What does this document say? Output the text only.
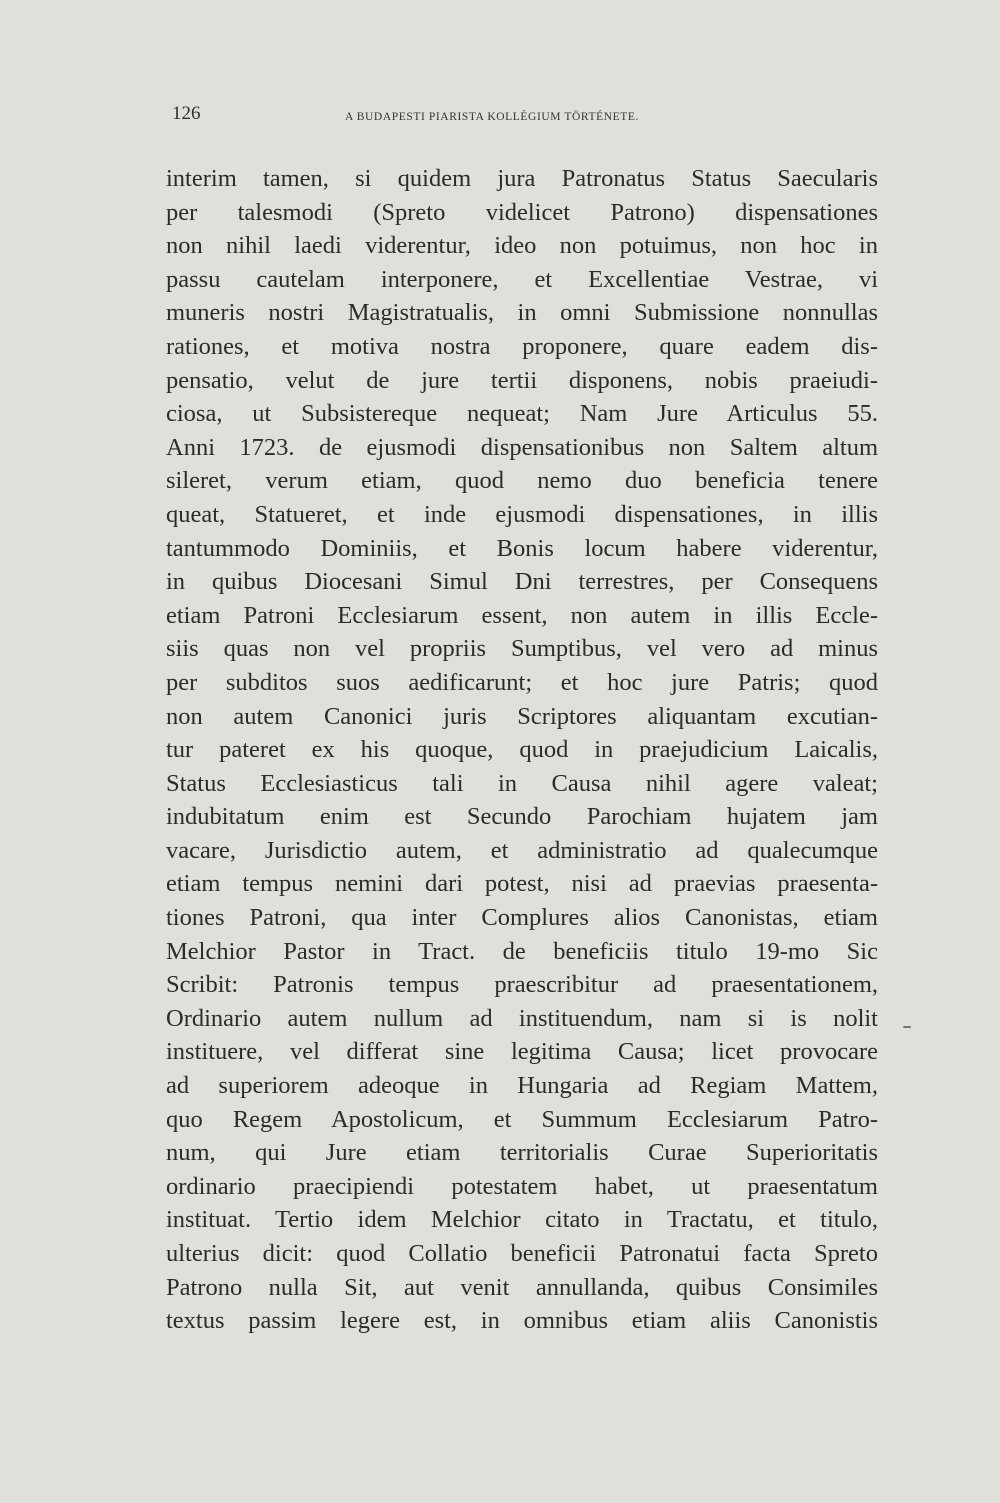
126	A BUDAPESTI PIARISTA KOLLÉGIUM TÖRTÉNETE.
interim tamen, si quidem jura Patronatus Status Saecularis
per talesmodi (Spreto videlicet Patrono) dispensationes
non nihil laedi viderentur, ideo non potuimus, non hoc in
passu cautelam interponere, et Excellentiae Vestrae, vi
muneris nostri Magistratualis, in omni Submissione nonnullas
rationes, et motiva nostra proponere, quare eadem dis-
pensatio, velut de jure tertii disponens, nobis praeiudi-
ciosa, ut Subsistereque nequeat; Nam Jure Articulus 55.
Anni 1723. de ejusmodi dispensationibus non Saltem altum
sileret, verum etiam, quod nemo duo beneficia tenere
queat, Statueret, et inde ejusmodi dispensationes, in illis
tantummodo Dominiis, et Bonis locum habere viderentur,
in quibus Diocesani Simul Dni terrestres, per Consequens
etiam Patroni Ecclesiarum essent, non autem in illis Eccle-
siis quas non vel propriis Sumptibus, vel vero ad minus
per subditos suos aedificarunt; et hoc jure Patris; quod
non autem Canonici juris Scriptores aliquantam excutian-
tur pateret ex his quoque, quod in praejudicium Laicalis,
Status Ecclesiasticus tali in Causa nihil agere valeat;
indubitatum enim est Secundo Parochiam hujatem jam
vacare, Jurisdictio autem, et administratio ad qualecumque
etiam tempus nemini dari potest, nisi ad praevias praesenta-
tiones Patroni, qua inter Complures alios Canonistas, etiam
Melchior Pastor in Tract. de beneficiis titulo 19-mo Sic
Scribit: Patronis tempus praescribitur ad praesentationem,
Ordinario autem nullum ad instituendum, nam si is nolit
instituere, vel differat sine legitima Causa; licet provocare
ad superiorem adeoque in Hungaria ad Regiam Mattem,
quo Regem Apostolicum, et Summum Ecclesiarum Patro-
num, qui Jure etiam territorialis Curae Superioritatis
ordinario praecipiendi potestatem habet, ut praesentatum
instituat. Tertio idem Melchior citato in Tractatu, et titulo,
ulterius dicit: quod Collatio beneficii Patronatui facta Spreto
Patrono nulla Sit, aut venit annullanda, quibus Consimiles
textus passim legere est, in omnibus etiam aliis Canonistis
